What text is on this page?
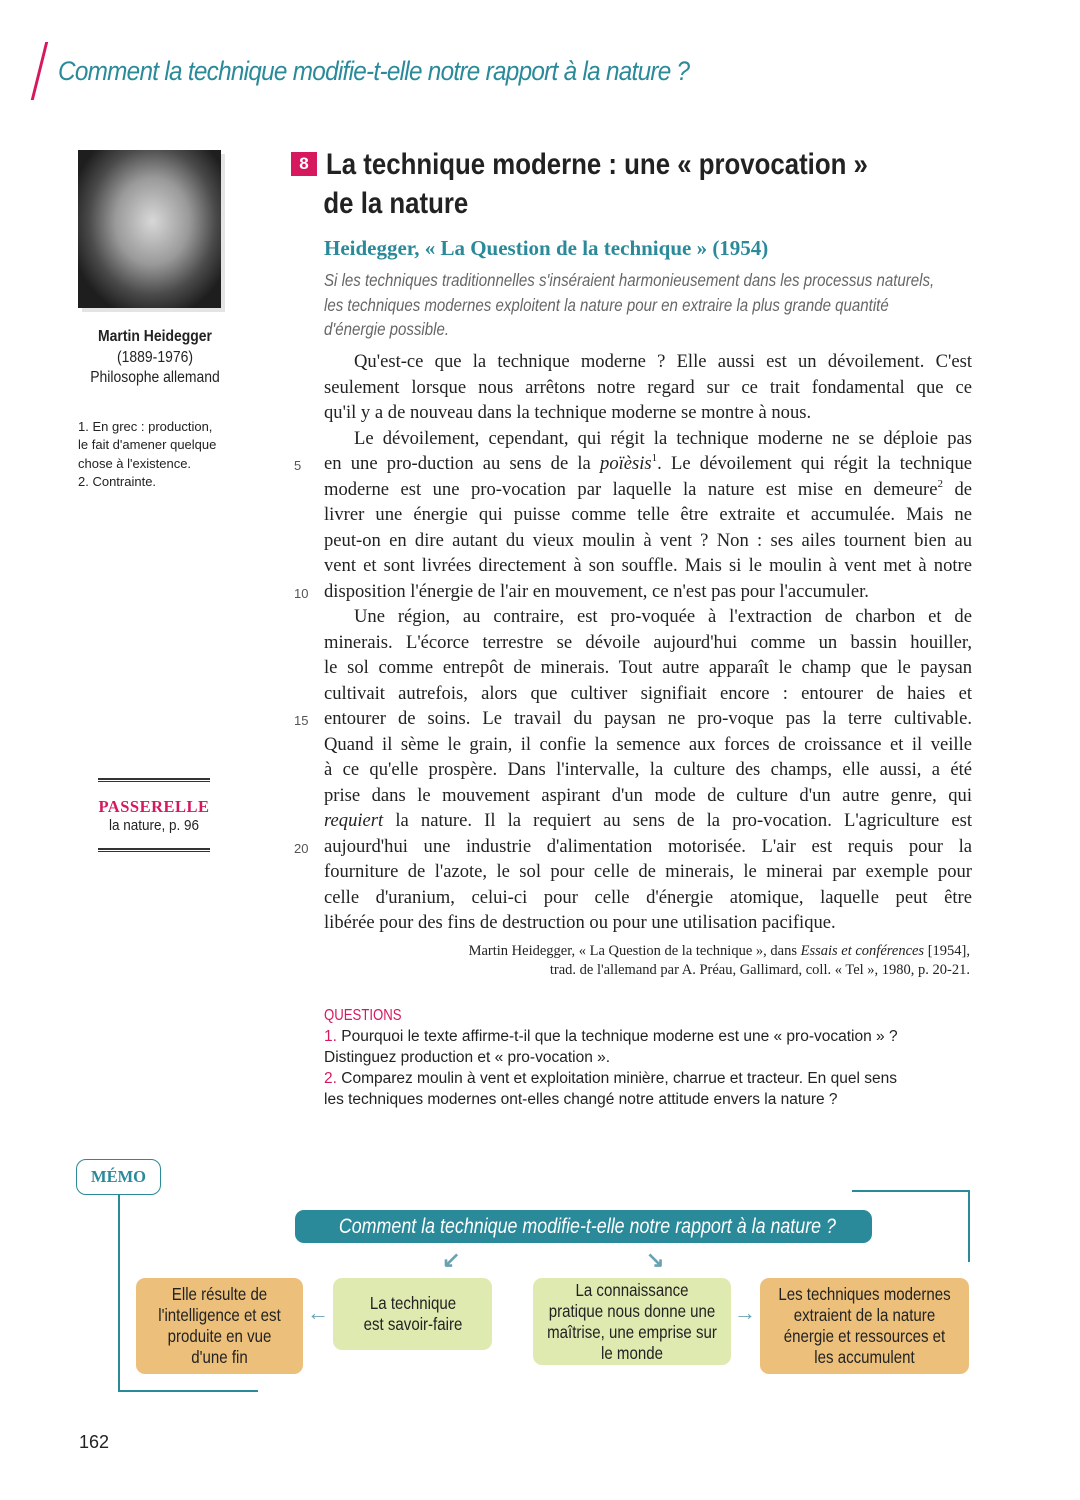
Comment la technique modifie-t-elle notre rapport à la nature ?
Martin Heidegger
(1889-1976)
Philosophe allemand
1. En grec : production,
le fait d'amener quelque
chose à l'existence.
2. Contrainte.
PASSERELLE
la nature, p. 96
8 La technique moderne : une « provocation »
de la nature
Heidegger, « La Question de la technique » (1954)
Si les techniques traditionnelles s'inséraient harmonieusement dans les processus naturels,
les techniques modernes exploitent la nature pour en extraire la plus grande quantité
d'énergie possible.
Qu'est-ce que la technique moderne ? Elle aussi est un dévoilement. C'est
seulement lorsque nous arrêtons notre regard sur ce trait fondamental que ce
qu'il y a de nouveau dans la technique moderne se montre à nous.
Le dévoilement, cependant, qui régit la technique moderne ne se déploie pas
5 en une pro-duction au sens de la poïèsis$^1$. Le dévoilement qui régit la technique
moderne est une pro-vocation par laquelle la nature est mise en demeure$^2$ de
livrer une énergie qui puisse comme telle être extraite et accumulée. Mais ne
peut-on en dire autant du vieux moulin à vent ? Non : ses ailes tournent bien au
vent et sont livrées directement à son souffle. Mais si le moulin à vent met à notre
10 disposition l'énergie de l'air en mouvement, ce n'est pas pour l'accumuler.
Une région, au contraire, est pro-voquée à l'extraction de charbon et de
minerais. L'écorce terrestre se dévoile aujourd'hui comme un bassin houiller,
le sol comme entrepôt de minerais. Tout autre apparaît le champ que le paysan
cultivait autrefois, alors que cultiver signifiait encore : entourer de haies et
15 entourer de soins. Le travail du paysan ne pro-voque pas la terre cultivable.
Quand il sème le grain, il confie la semence aux forces de croissance et il veille
à ce qu'elle prospère. Dans l'intervalle, la culture des champs, elle aussi, a été
prise dans le mouvement aspirant d'un mode de culture d'un autre genre, qui
requiert la nature. Il la requiert au sens de la pro-vocation. L'agriculture est
20 aujourd'hui une industrie d'alimentation motorisée. L'air est requis pour la
fourniture de l'azote, le sol pour celle de minerais, le minerai par exemple pour
celle d'uranium, celui-ci pour celle d'énergie atomique, laquelle peut être
libérée pour des fins de destruction ou pour une utilisation pacifique.
Martin Heidegger, « La Question de la technique », dans Essais et conférences [1954],
trad. de l'allemand par A. Préau, Gallimard, coll. « Tel », 1980, p. 20-21.
QUESTIONS
1. Pourquoi le texte affirme-t-il que la technique moderne est une « pro-vocation » ?
Distinguez production et « pro-vocation ».
2. Comparez moulin à vent et exploitation minière, charrue et tracteur. En quel sens
les techniques modernes ont-elles changé notre attitude envers la nature ?
MÉMO
Comment la technique modifie-t-elle notre rapport à la nature ?
↙	↘
Elle résulte de l'intelligence et est produite en vue d'une fin
←	La technique est savoir-faire
La connaissance pratique nous donne une maîtrise, une emprise sur le monde
→
Les techniques modernes extraient de la nature énergie et ressources et les accumulent
162
